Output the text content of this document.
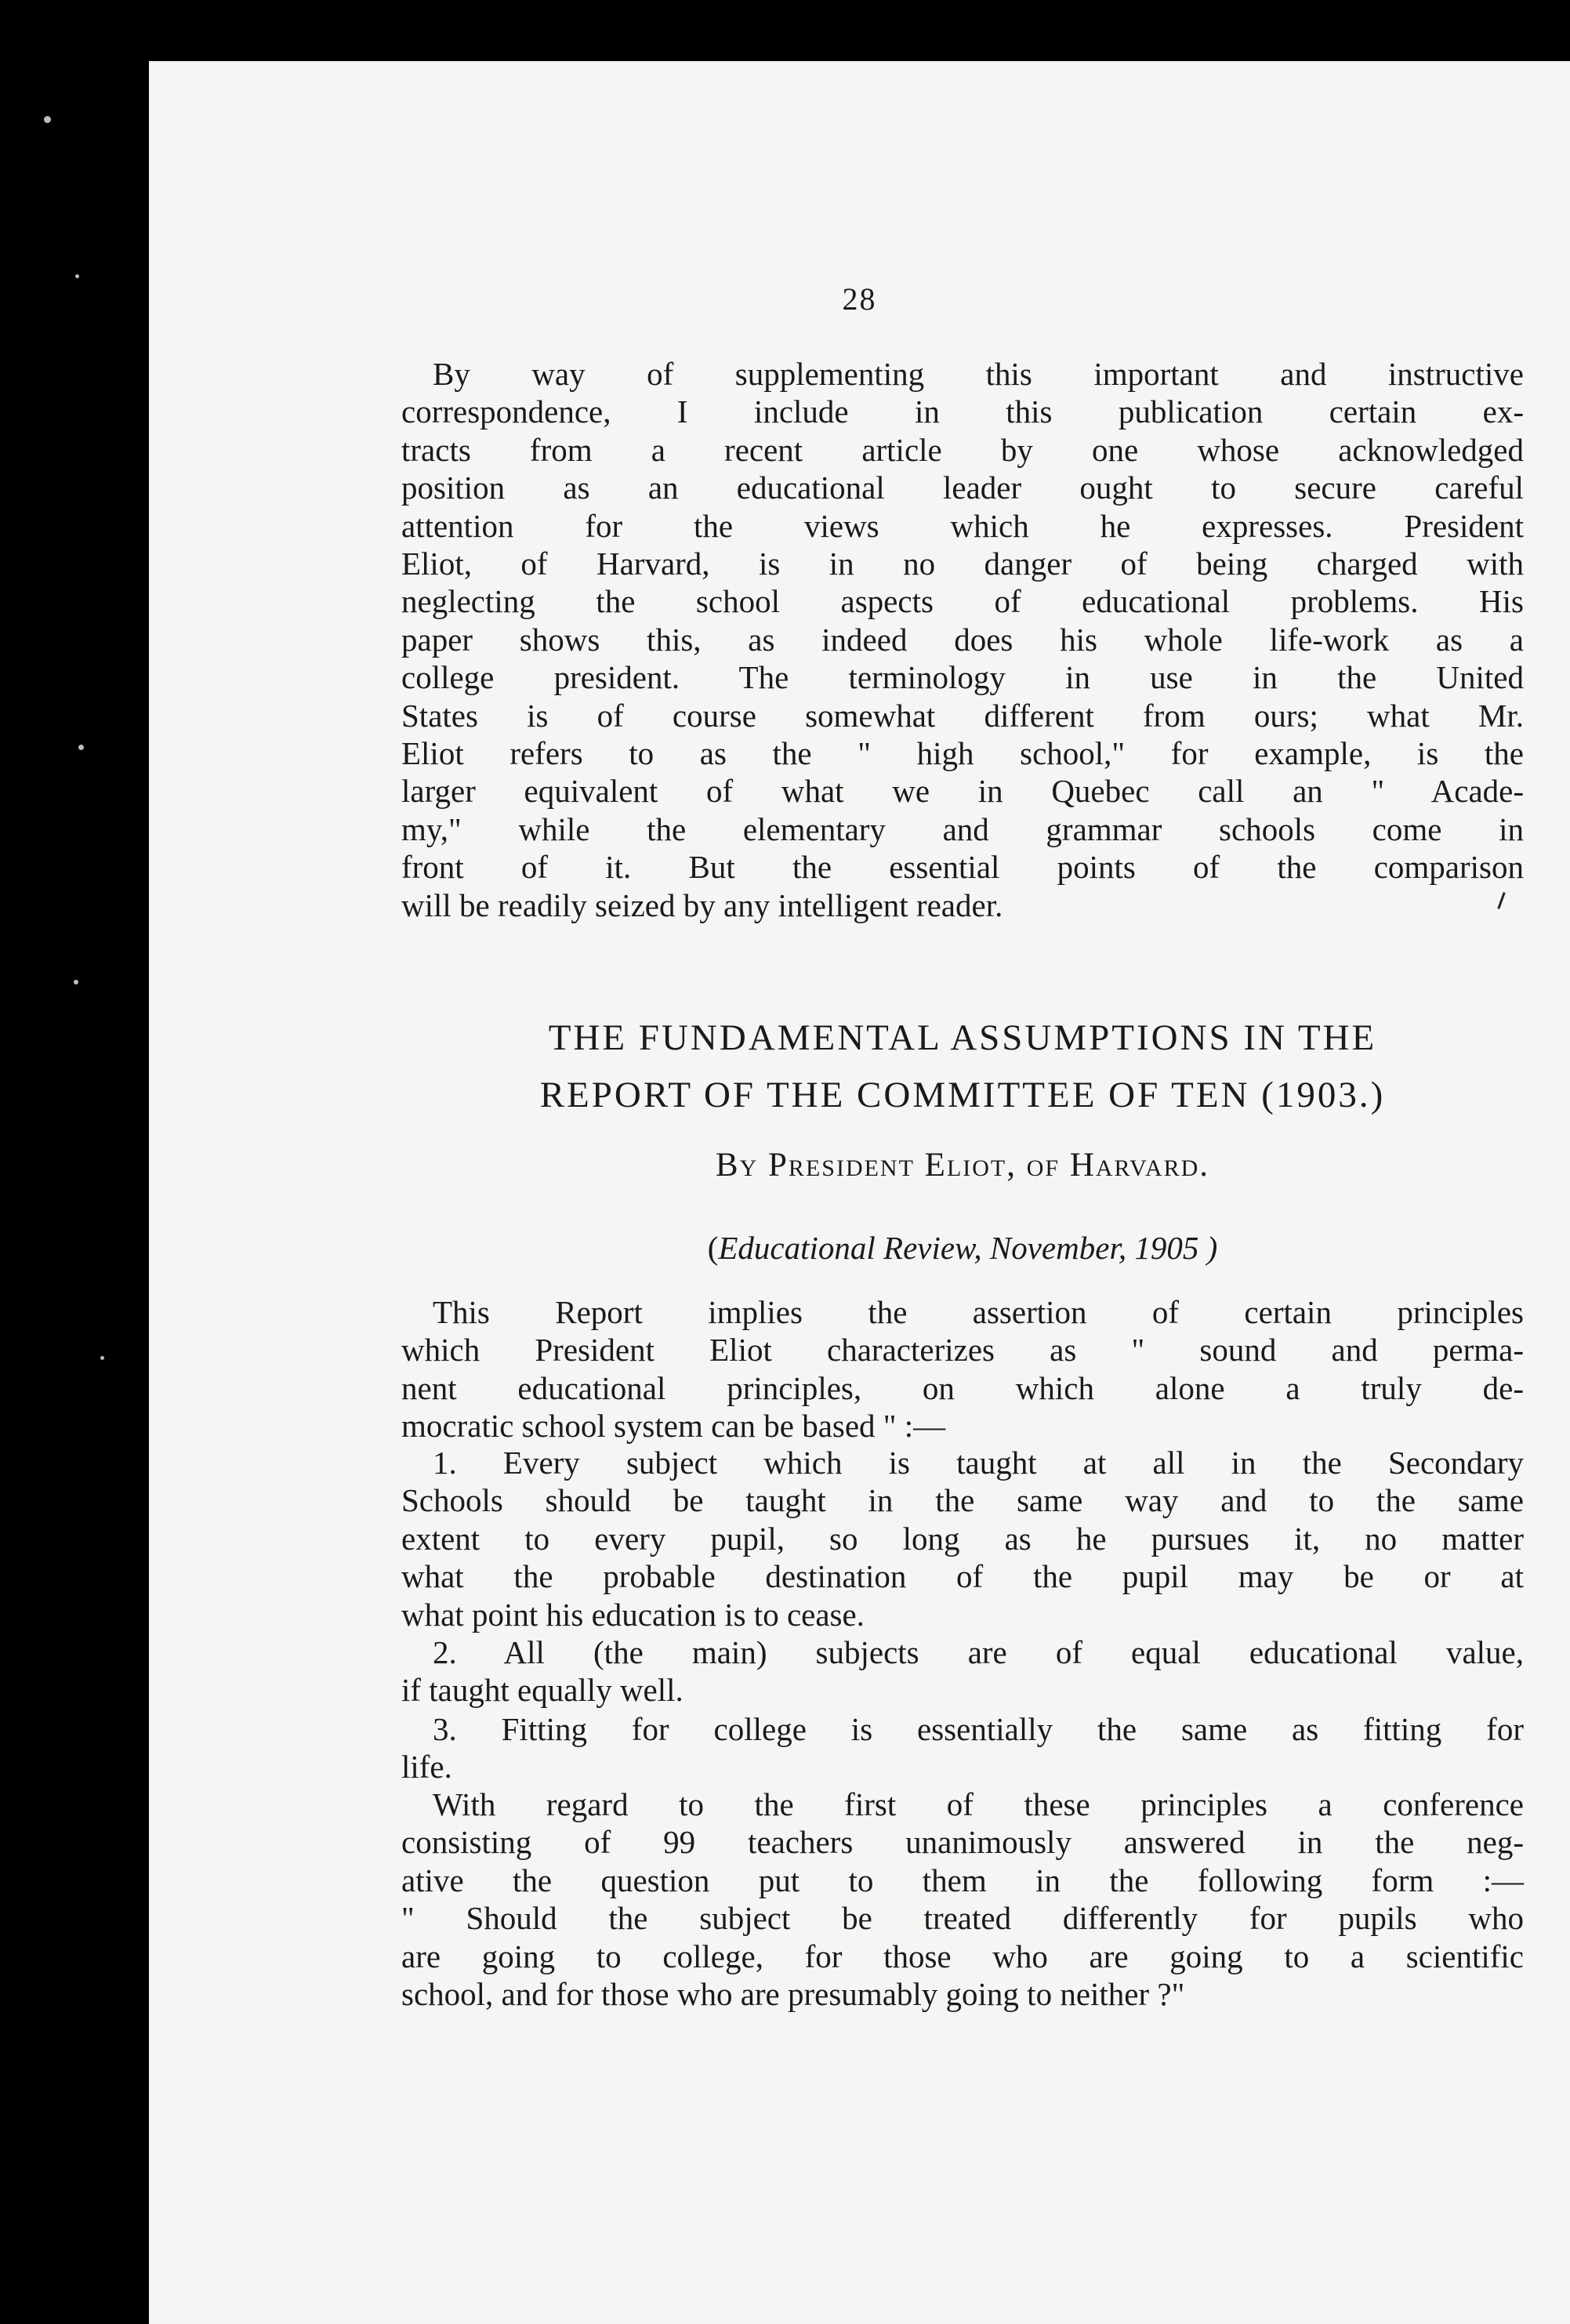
28
By way of supplementing this important and instructive
correspondence, I include in this publication certain ex-
tracts from a recent article by one whose acknowledged
position as an educational leader ought to secure careful
attention for the views which he expresses. President
Eliot, of Harvard, is in no danger of being charged with
neglecting the school aspects of educational problems. His
paper shows this, as indeed does his whole life-work as a
college president. The terminology in use in the United
States is of course somewhat different from ours; what Mr.
Eliot refers to as the " high school," for example, is the
larger equivalent of what we in Quebec call an " Acade-
my," while the elementary and grammar schools come in
front of it. But the essential points of the comparison
will be readily seized by any intelligent reader.
THE FUNDAMENTAL ASSUMPTIONS IN THE
REPORT OF THE COMMITTEE OF TEN (1903.)
By President Eliot, of Harvard.
(Educational Review, November, 1905 )
This Report implies the assertion of certain principles
which President Eliot characterizes as " sound and perma-
nent educational principles, on which alone a truly de-
mocratic school system can be based " :—
1. Every subject which is taught at all in the Secondary
Schools should be taught in the same way and to the same
extent to every pupil, so long as he pursues it, no matter
what the probable destination of the pupil may be or at
what point his education is to cease.
2. All (the main) subjects are of equal educational value,
if taught equally well.
3. Fitting for college is essentially the same as fitting for
life.
With regard to the first of these principles a conference
consisting of 99 teachers unanimously answered in the neg-
ative the question put to them in the following form :—
" Should the subject be treated differently for pupils who
are going to college, for those who are going to a scientific
school, and for those who are presumably going to neither ?"
